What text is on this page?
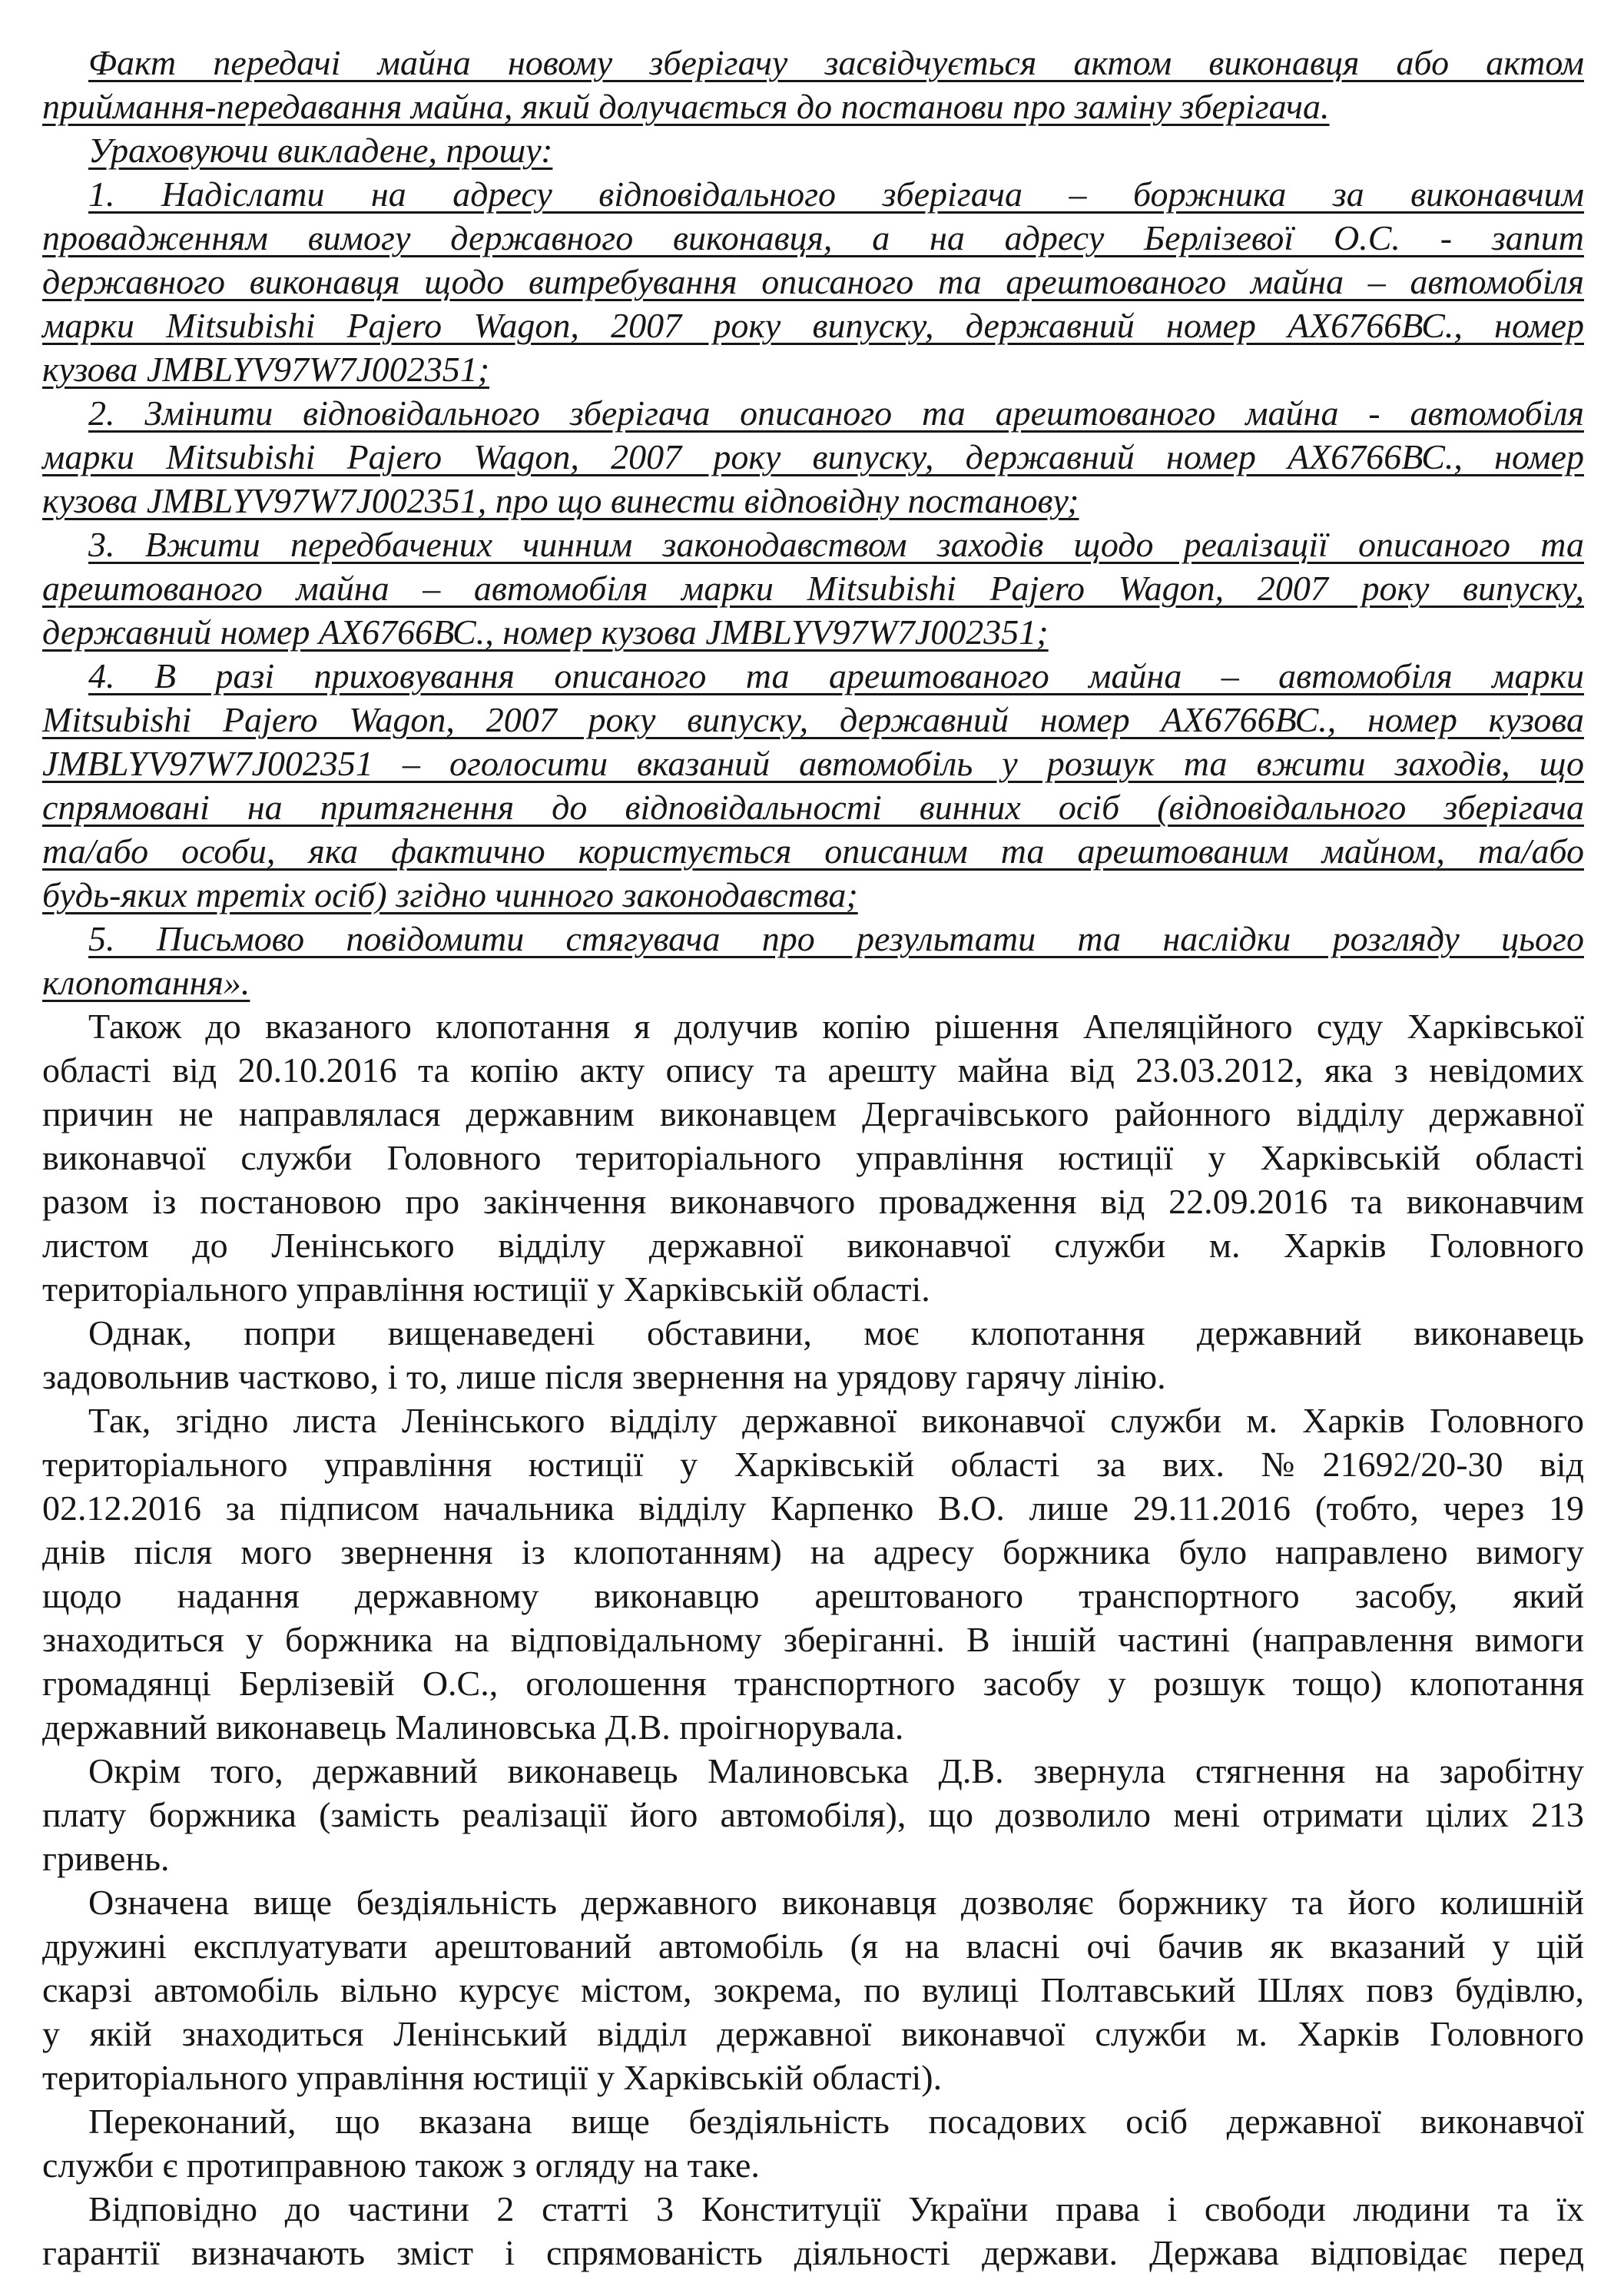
Факт передачі майна новому зберігачу засвідчується актом виконавця або актом
приймання-передавання майна, який долучається до постанови про заміну зберігача.
Ураховуючи викладене, прошу:
1. Надіслати на адресу відповідального зберігача – боржника за виконавчим
провадженням вимогу державного виконавця, а на адресу Берлізевої О.С. - запит
державного виконавця щодо витребування описаного та арештованого майна – автомобіля
марки Mitsubishi Pajero Wagon, 2007 року випуску, державний номер АХ6766ВС., номер
кузова JMBLYV97W7J002351;
2. Змінити відповідального зберігача описаного та арештованого майна - автомобіля
марки Mitsubishi Pajero Wagon, 2007 року випуску, державний номер АХ6766ВС., номер
кузова JMBLYV97W7J002351, про що винести відповідну постанову;
3. Вжити передбачених чинним законодавством заходів щодо реалізації описаного та
арештованого майна – автомобіля марки Mitsubishi Pajero Wagon, 2007 року випуску,
державний номер АХ6766ВС., номер кузова JMBLYV97W7J002351;
4. В разі приховування описаного та арештованого майна – автомобіля марки
Mitsubishi Pajero Wagon, 2007 року випуску, державний номер АХ6766ВС., номер кузова
JMBLYV97W7J002351 – оголосити вказаний автомобіль у розшук та вжити заходів, що
спрямовані на притягнення до відповідальності винних осіб (відповідального зберігача
та/або особи, яка фактично користується описаним та арештованим майном, та/або
будь-яких третіх осіб) згідно чинного законодавства;
5. Письмово повідомити стягувача про результати та наслідки розгляду цього
клопотання».
Також до вказаного клопотання я долучив копію рішення Апеляційного суду Харківської
області від 20.10.2016 та копію акту опису та арешту майна від 23.03.2012, яка з невідомих
причин не направлялася державним виконавцем Дергачівського районного відділу державної
виконавчої служби Головного територіального управління юстиції у Харківській області
разом із постановою про закінчення виконавчого провадження від 22.09.2016 та виконавчим
листом до Ленінського відділу державної виконавчої служби м. Харків Головного
територіального управління юстиції у Харківській області.
Однак, попри вищенаведені обставини, моє клопотання державний виконавець
задовольнив частково, і то, лише після звернення на урядову гарячу лінію.
Так, згідно листа Ленінського відділу державної виконавчої служби м. Харків Головного
територіального управління юстиції у Харківській області за вих. №21692/20-30 від
02.12.2016 за підписом начальника відділу Карпенко В.О. лише 29.11.2016 (тобто, через 19
днів після мого звернення із клопотанням) на адресу боржника було направлено вимогу
щодо надання державному виконавцю арештованого транспортного засобу, який
знаходиться у боржника на відповідальному зберіганні. В іншій частині (направлення вимоги
громадянці Берлізевій О.С., оголошення транспортного засобу у розшук тощо) клопотання
державний виконавець Малиновська Д.В. проігнорувала.
Окрім того, державний виконавець Малиновська Д.В. звернула стягнення на заробітну
плату боржника (замість реалізації його автомобіля), що дозволило мені отримати цілих 213
гривень.
Означена вище бездіяльність державного виконавця дозволяє боржнику та його колишній
дружині експлуатувати арештований автомобіль (я на власні очі бачив як вказаний у цій
скарзі автомобіль вільно курсує містом, зокрема, по вулиці Полтавський Шлях повз будівлю,
у якій знаходиться Ленінський відділ державної виконавчої служби м. Харків Головного
територіального управління юстиції у Харківській області).
Переконаний, що вказана вище бездіяльність посадових осіб державної виконавчої
служби є протиправною також з огляду на таке.
Відповідно до частини 2 статті 3 Конституції України права і свободи людини та їх
гарантії визначають зміст і спрямованість діяльності держави. Держава відповідає перед
